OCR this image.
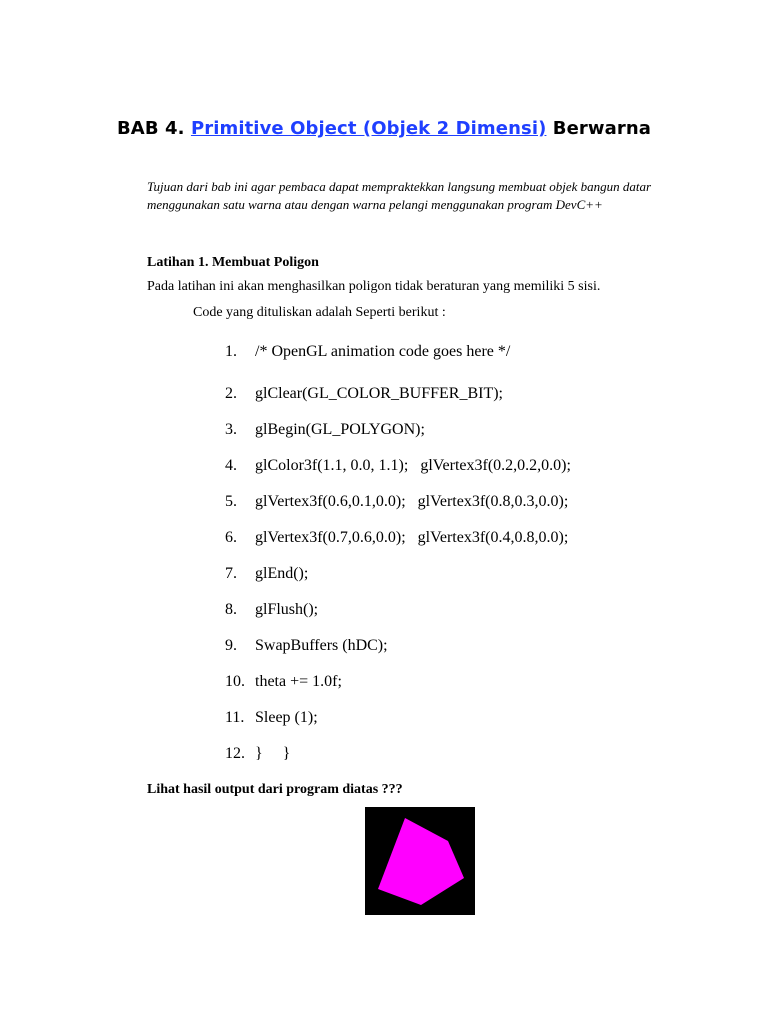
BAB 4. Primitive Object (Objek 2 Dimensi) Berwarna
Tujuan dari bab ini agar pembaca dapat mempraktekkan langsung membuat objek bangun datar menggunakan satu warna atau dengan warna pelangi menggunakan program DevC++
Latihan 1. Membuat Poligon
Pada latihan ini akan menghasilkan poligon tidak beraturan yang memiliki 5 sisi.
Code yang dituliskan adalah Seperti berikut :
1. /* OpenGL animation code goes here */
2. glClear(GL_COLOR_BUFFER_BIT);
3. glBegin(GL_POLYGON);
4. glColor3f(1.1, 0.0, 1.1);   glVertex3f(0.2,0.2,0.0);
5. glVertex3f(0.6,0.1,0.0);   glVertex3f(0.8,0.3,0.0);
6. glVertex3f(0.7,0.6,0.0);   glVertex3f(0.4,0.8,0.0);
7. glEnd();
8. glFlush();
9. SwapBuffers (hDC);
10. theta += 1.0f;
11. Sleep (1);
12. }     }
Lihat hasil output dari program diatas ???
